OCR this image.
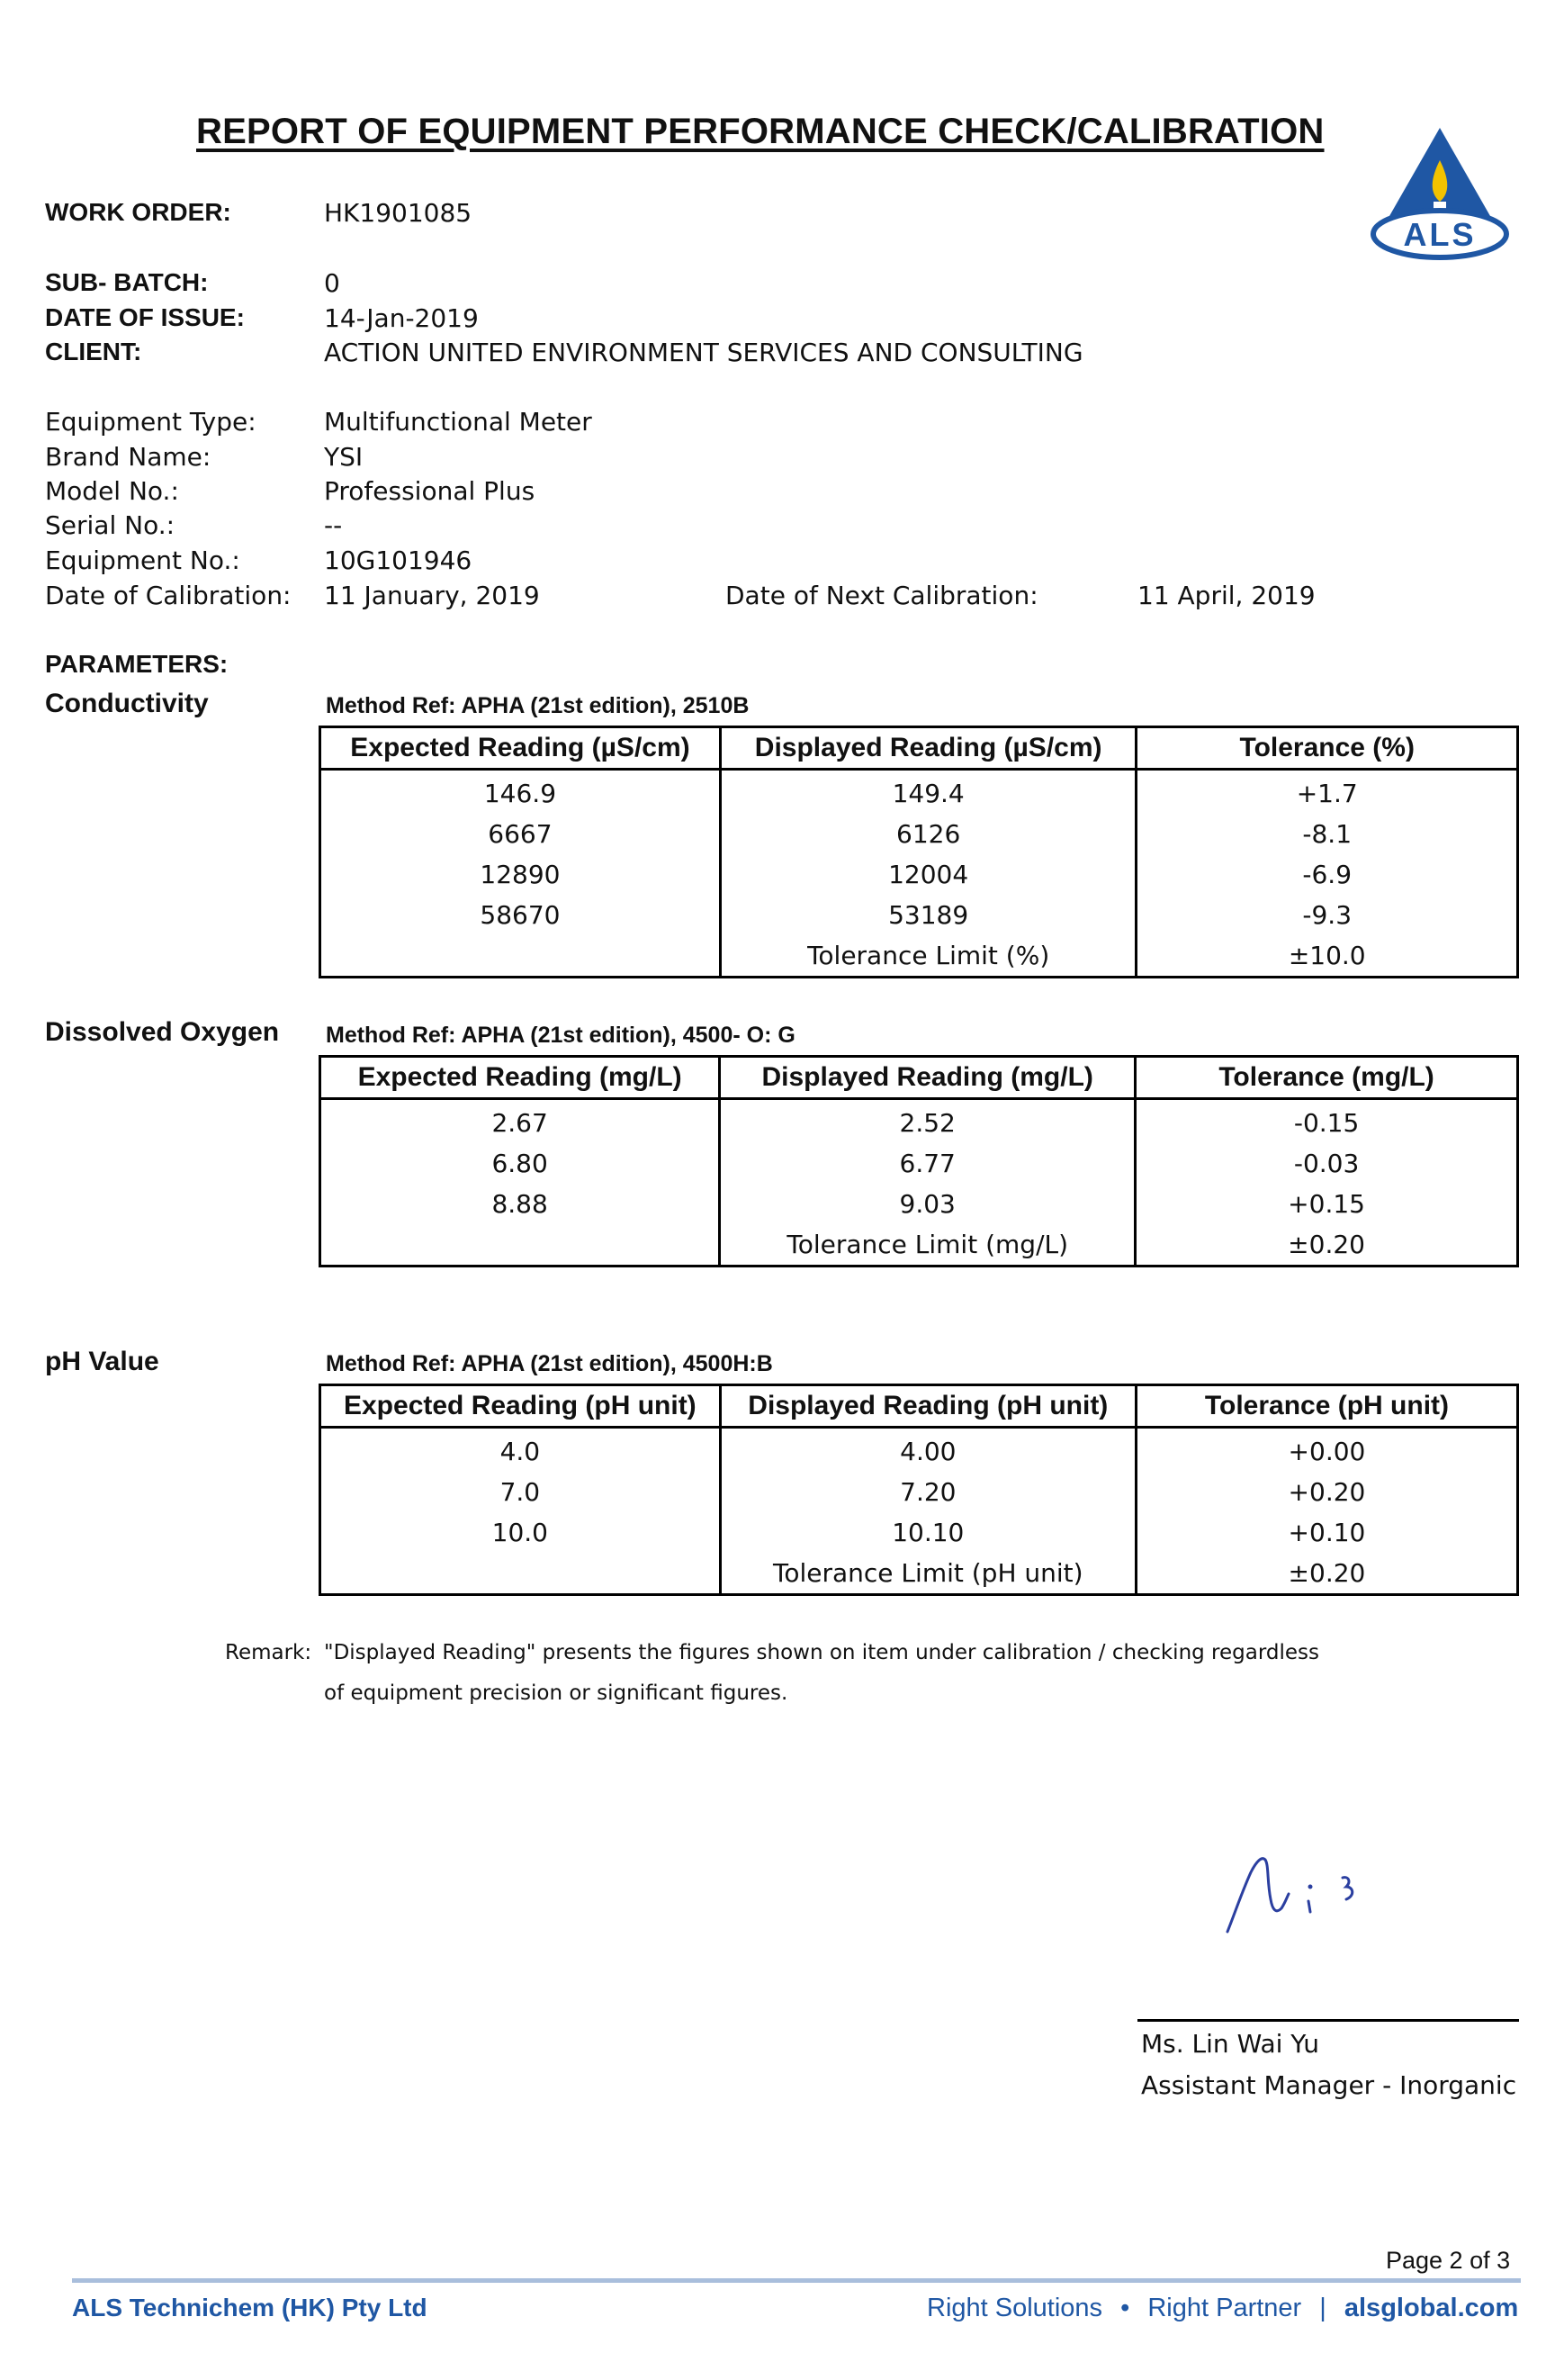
REPORT OF EQUIPMENT PERFORMANCE CHECK/CALIBRATION
ALS
WORK ORDER:	HK1901085
SUB- BATCH:	0
DATE OF ISSUE:	14-Jan-2019
CLIENT:	ACTION UNITED ENVIRONMENT SERVICES AND CONSULTING
Equipment Type:	Multifunctional Meter
Brand Name:	YSI
Model No.:	Professional Plus
Serial No.:	--
Equipment No.:	10G101946
Date of Calibration: 11 January, 2019	Date of Next Calibration:	11 April, 2019
PARAMETERS:
Conductivity	Method Ref: APHA (21st edition), 2510B
Expected Reading (µS/cm)	Displayed Reading (µS/cm)	Tolerance (%)

146.9	149.4	+1.7
6667	6126	-8.1
12890	12004	-6.9
58670	53189	-9.3
	Tolerance Limit (%)	±10.0
Dissolved Oxygen Method Ref: APHA (21st edition), 4500- O: G
Expected Reading (mg/L)	Displayed Reading (mg/L)	Tolerance (mg/L)

2.67	2.52	-0.15
6.80	6.77	-0.03
8.88	9.03	+0.15
	Tolerance Limit (mg/L)	±0.20
pH Value	Method Ref: APHA (21st edition), 4500H:B
Expected Reading (pH unit)	Displayed Reading (pH unit)	Tolerance (pH unit)

4.0	4.00	+0.00
7.0	7.20	+0.20
10.0	10.10	+0.10
	Tolerance Limit (pH unit)	±0.20
Remark: "Displayed Reading" presents the figures shown on item under calibration / checking regardless
of equipment precision or significant figures.
Ms. Lin Wai Yu
Assistant Manager - Inorganic
Page 2 of 3
ALS Technichem (HK) Pty Ltd	Right Solutions • Right Partner | alsglobal.com
